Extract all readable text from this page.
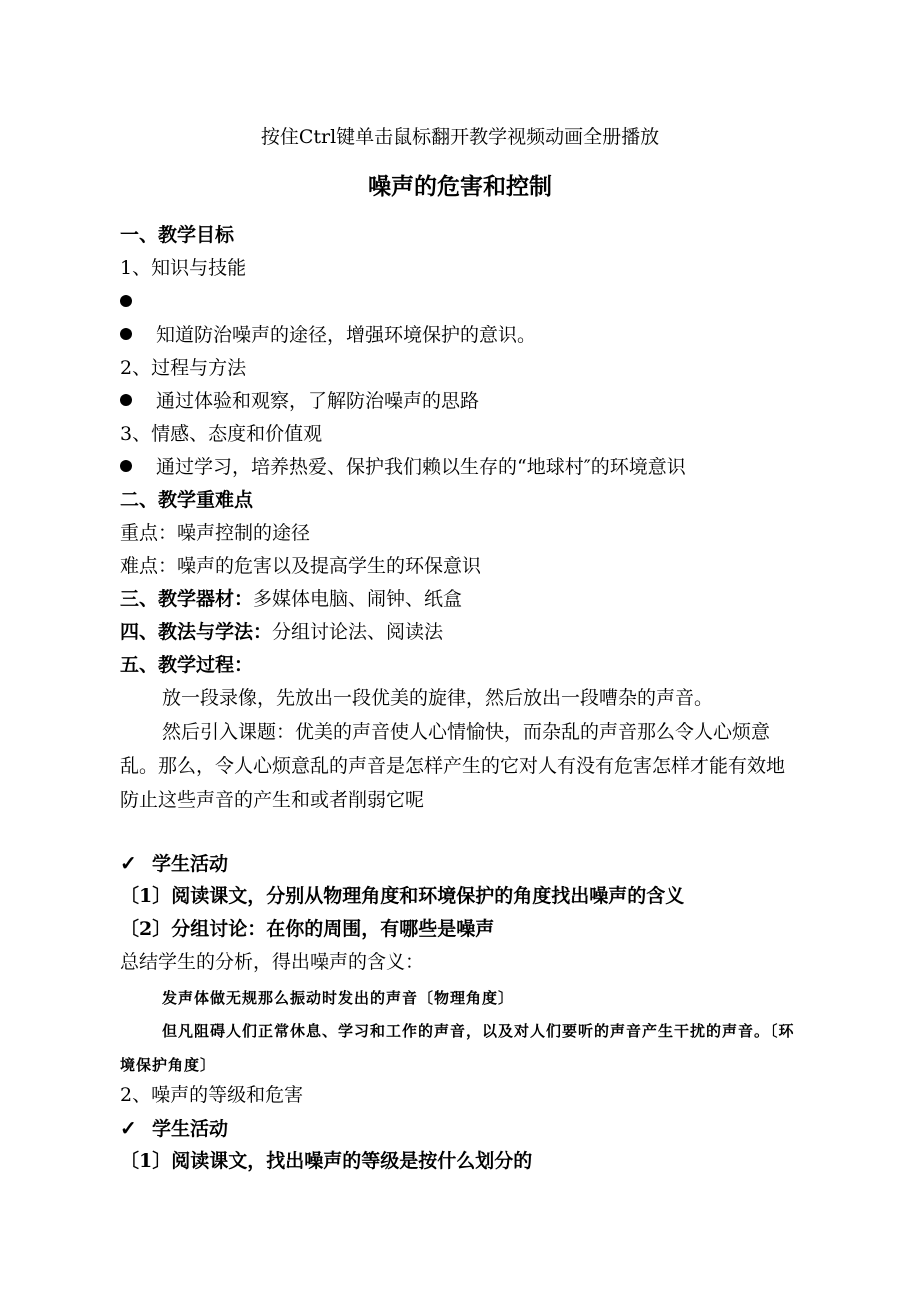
按住Ctrl键单击鼠标翻开教学视频动画全册播放
噪声的危害和控制
一、教学目标
1、知识与技能
知道防治噪声的途径，增强环境保护的意识。
2、过程与方法
通过体验和观察，了解防治噪声的思路
3、情感、态度和价值观
通过学习，培养热爱、保护我们赖以生存的“地球村″的环境意识
二、教学重难点
重点：噪声控制的途径
难点：噪声的危害以及提高学生的环保意识
三、教学器材：多媒体电脑、闹钟、纸盒
四、教法与学法：分组讨论法、阅读法
五、教学过程：
放一段录像，先放出一段优美的旋律，然后放出一段嘈杂的声音。
然后引入课题：优美的声音使人心情愉快，而杂乱的声音那么令人心烦意乱。那么，令人心烦意乱的声音是怎样产生的它对人有没有危害怎样才能有效地防止这些声音的产生和或者削弱它呢
✓ 学生活动
〔1〕阅读课文，分别从物理角度和环境保护的角度找出噪声的含义
〔2〕分组讨论：在你的周围，有哪些是噪声
总结学生的分析，得出噪声的含义：
发声体做无规那么振动时发出的声音〔物理角度〕
但凡阻碍人们正常休息、学习和工作的声音，以及对人们要听的声音产生干扰的声音。〔环境保护角度〕
2、噪声的等级和危害
✓ 学生活动
〔1〕阅读课文，找出噪声的等级是按什么划分的
